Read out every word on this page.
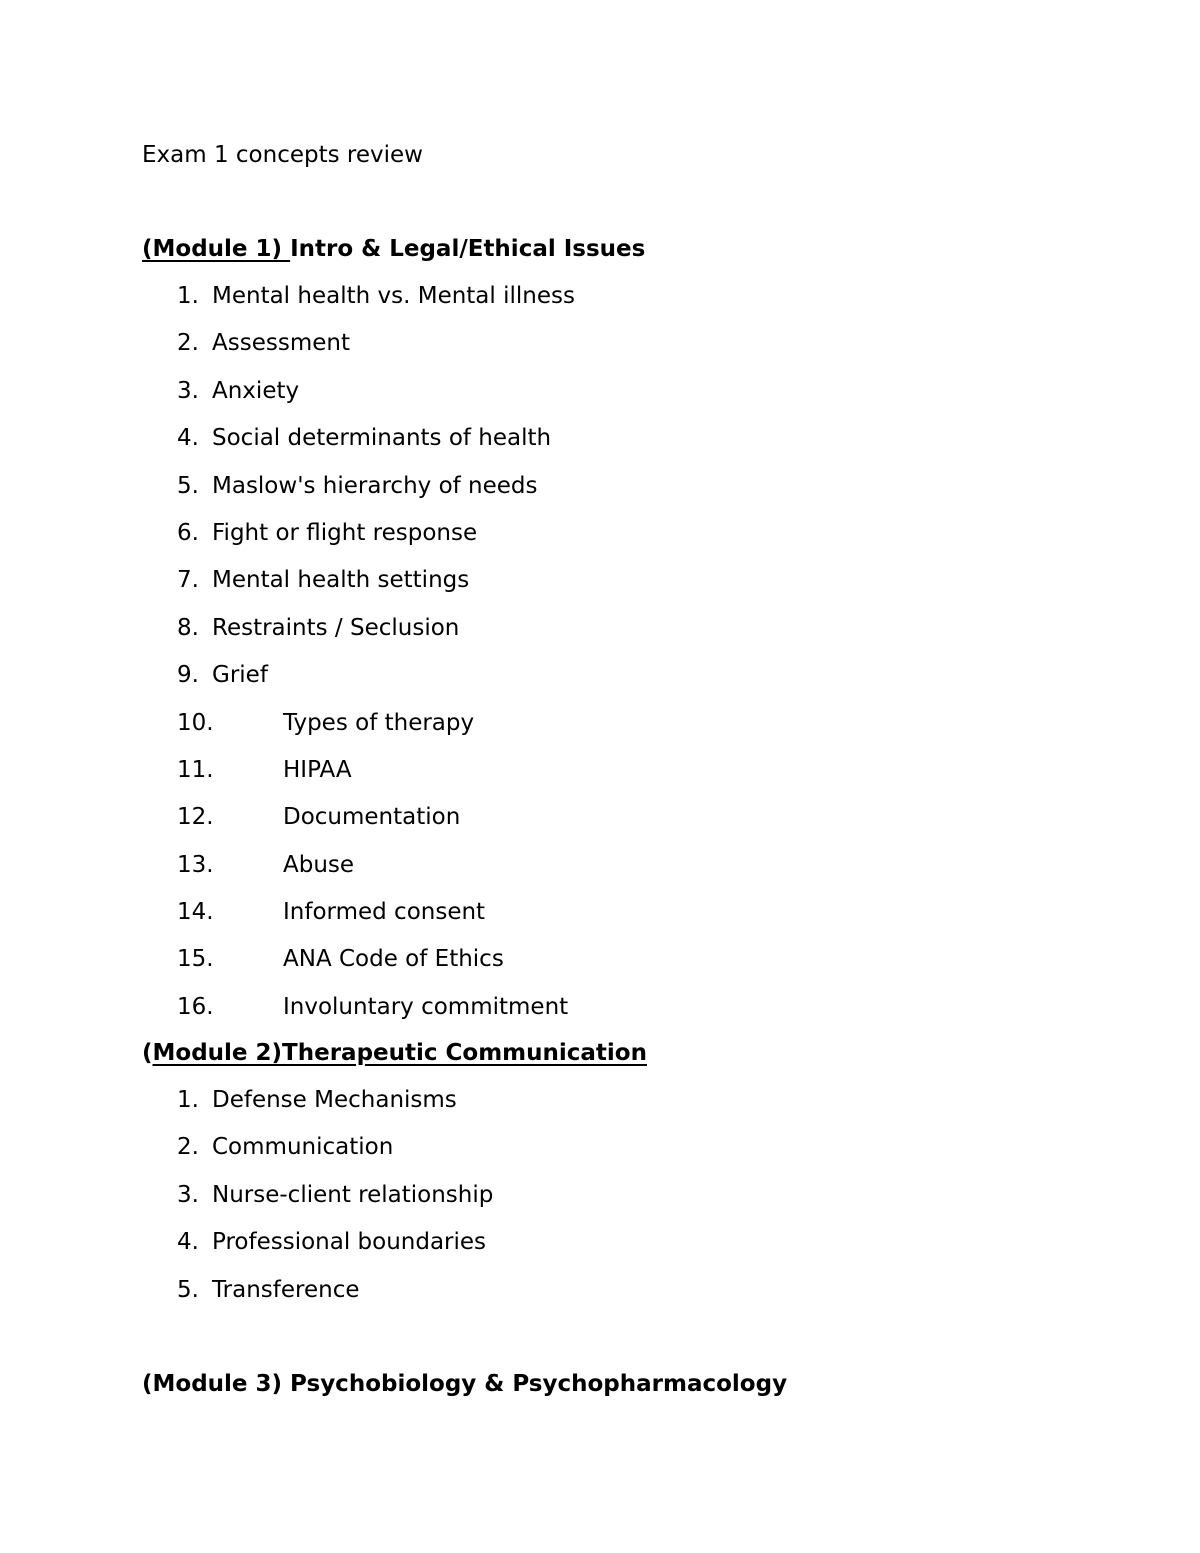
Exam 1 concepts review
(Module 1) Intro & Legal/Ethical Issues
1. Mental health vs. Mental illness
2. Assessment
3. Anxiety
4. Social determinants of health
5. Maslow's hierarchy of needs
6. Fight or flight response
7. Mental health settings
8. Restraints / Seclusion
9. Grief
10.	Types of therapy
11.	HIPAA
12.	Documentation
13.	Abuse
14.	Informed consent
15.	ANA Code of Ethics
16.	Involuntary commitment
(Module 2)Therapeutic Communication
1. Defense Mechanisms
2. Communication
3. Nurse-client relationship
4. Professional boundaries
5. Transference
(Module 3) Psychobiology & Psychopharmacology
